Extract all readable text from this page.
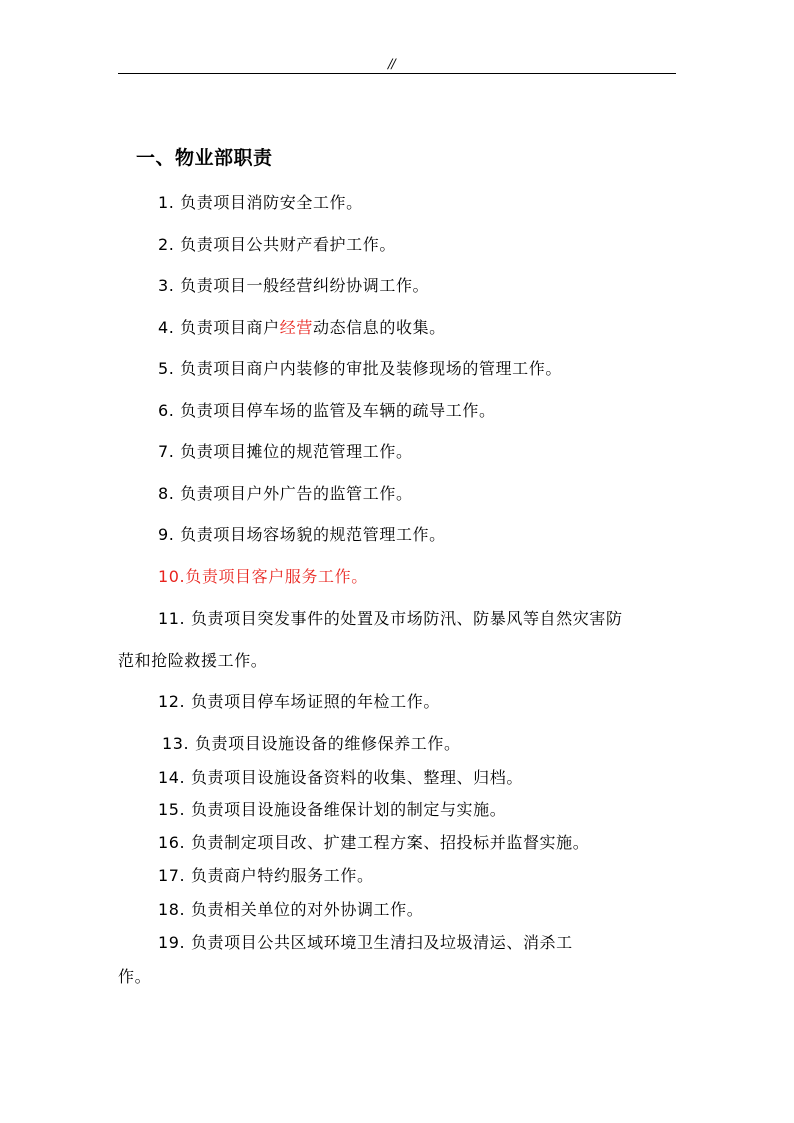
//
一、物业部职责
1. 负责项目消防安全工作。
2. 负责项目公共财产看护工作。
3. 负责项目一般经营纠纷协调工作。
4. 负责项目商户经营动态信息的收集。
5. 负责项目商户内装修的审批及装修现场的管理工作。
6. 负责项目停车场的监管及车辆的疏导工作。
7. 负责项目摊位的规范管理工作。
8. 负责项目户外广告的监管工作。
9. 负责项目场容场貌的规范管理工作。
10.负责项目客户服务工作。
11. 负责项目突发事件的处置及市场防汛、防暴风等自然灾害防
范和抢险救援工作。
12. 负责项目停车场证照的年检工作。
13. 负责项目设施设备的维修保养工作。
14. 负责项目设施设备资料的收集、整理、归档。
15. 负责项目设施设备维保计划的制定与实施。
16. 负责制定项目改、扩建工程方案、招投标并监督实施。
17. 负责商户特约服务工作。
18. 负责相关单位的对外协调工作。
19. 负责项目公共区域环境卫生清扫及垃圾清运、消杀工
作。
